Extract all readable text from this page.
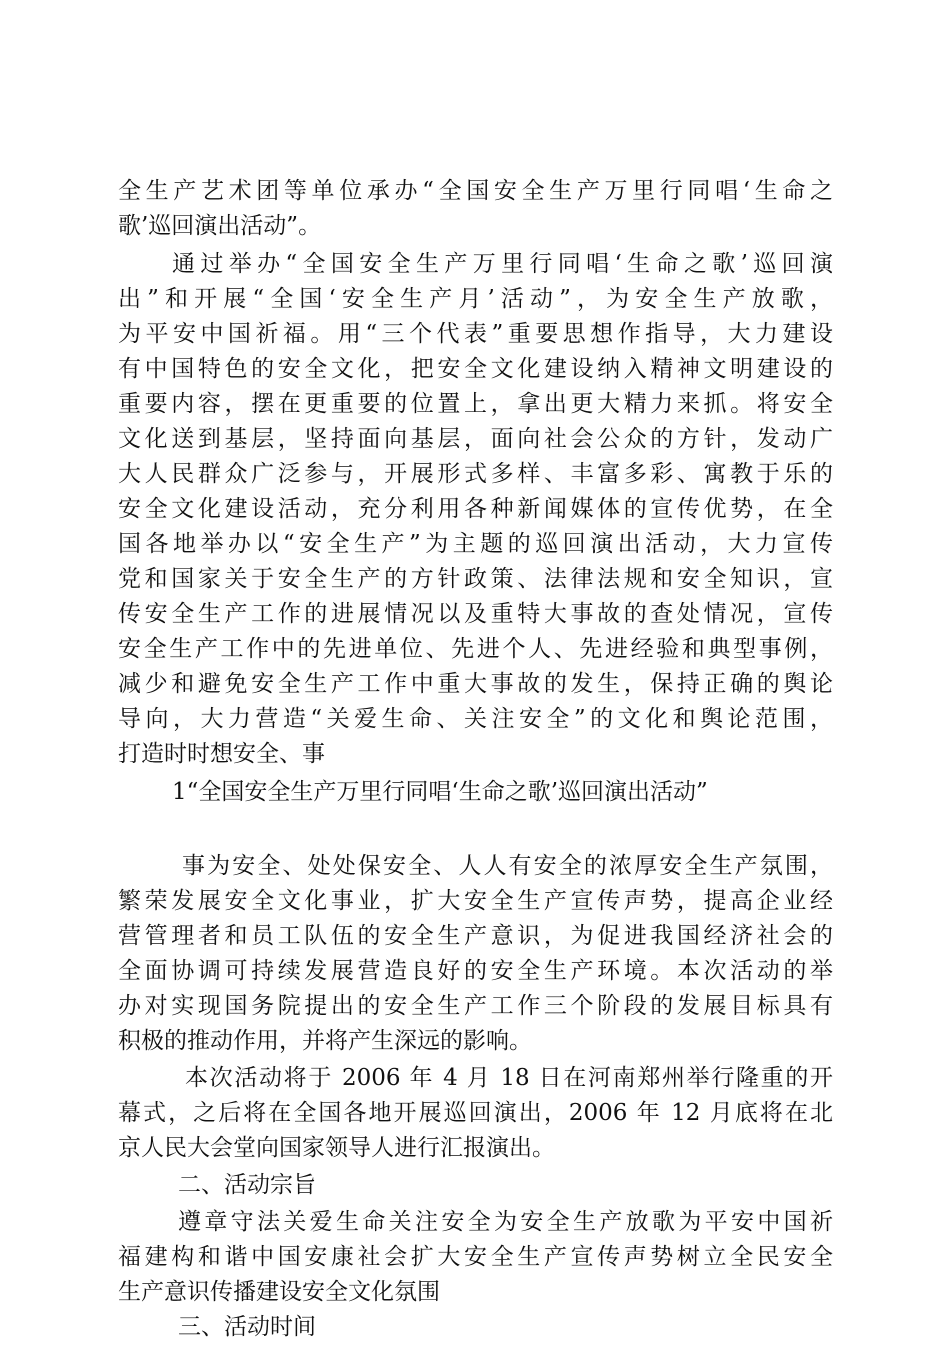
全生产艺术团等单位承办“全国安全生产万里行同唱‘生命之
歌’巡回演出活动”。
通过举办“全国安全生产万里行同唱‘生命之歌’巡回演
出”和开展“全国‘安全生产月’活动”，为安全生产放歌，
为平安中国祈福。用“三个代表”重要思想作指导，大力建设
有中国特色的安全文化，把安全文化建设纳入精神文明建设的
重要内容，摆在更重要的位置上，拿出更大精力来抓。将安全
文化送到基层，坚持面向基层，面向社会公众的方针，发动广
大人民群众广泛参与，开展形式多样、丰富多彩、寓教于乐的
安全文化建设活动，充分利用各种新闻媒体的宣传优势，在全
国各地举办以“安全生产”为主题的巡回演出活动，大力宣传
党和国家关于安全生产的方针政策、法律法规和安全知识，宣
传安全生产工作的进展情况以及重特大事故的查处情况，宣传
安全生产工作中的先进单位、先进个人、先进经验和典型事例，
减少和避免安全生产工作中重大事故的发生，保持正确的舆论
导向，大力营造“关爱生命、关注安全”的文化和舆论范围，
打造时时想安全、事
1“全国安全生产万里行同唱‘生命之歌’巡回演出活动”
事为安全、处处保安全、人人有安全的浓厚安全生产氛围，
繁荣发展安全文化事业，扩大安全生产宣传声势，提高企业经
营管理者和员工队伍的安全生产意识，为促进我国经济社会的
全面协调可持续发展营造良好的安全生产环境。本次活动的举
办对实现国务院提出的安全生产工作三个阶段的发展目标具有
积极的推动作用，并将产生深远的影响。
本次活动将于 2006 年 4 月 18 日在河南郑州举行隆重的开
幕式，之后将在全国各地开展巡回演出，2006 年 12 月底将在北
京人民大会堂向国家领导人进行汇报演出。
二、活动宗旨
遵章守法关爱生命关注安全为安全生产放歌为平安中国祈
福建构和谐中国安康社会扩大安全生产宣传声势树立全民安全
生产意识传播建设安全文化氛围
三、活动时间
